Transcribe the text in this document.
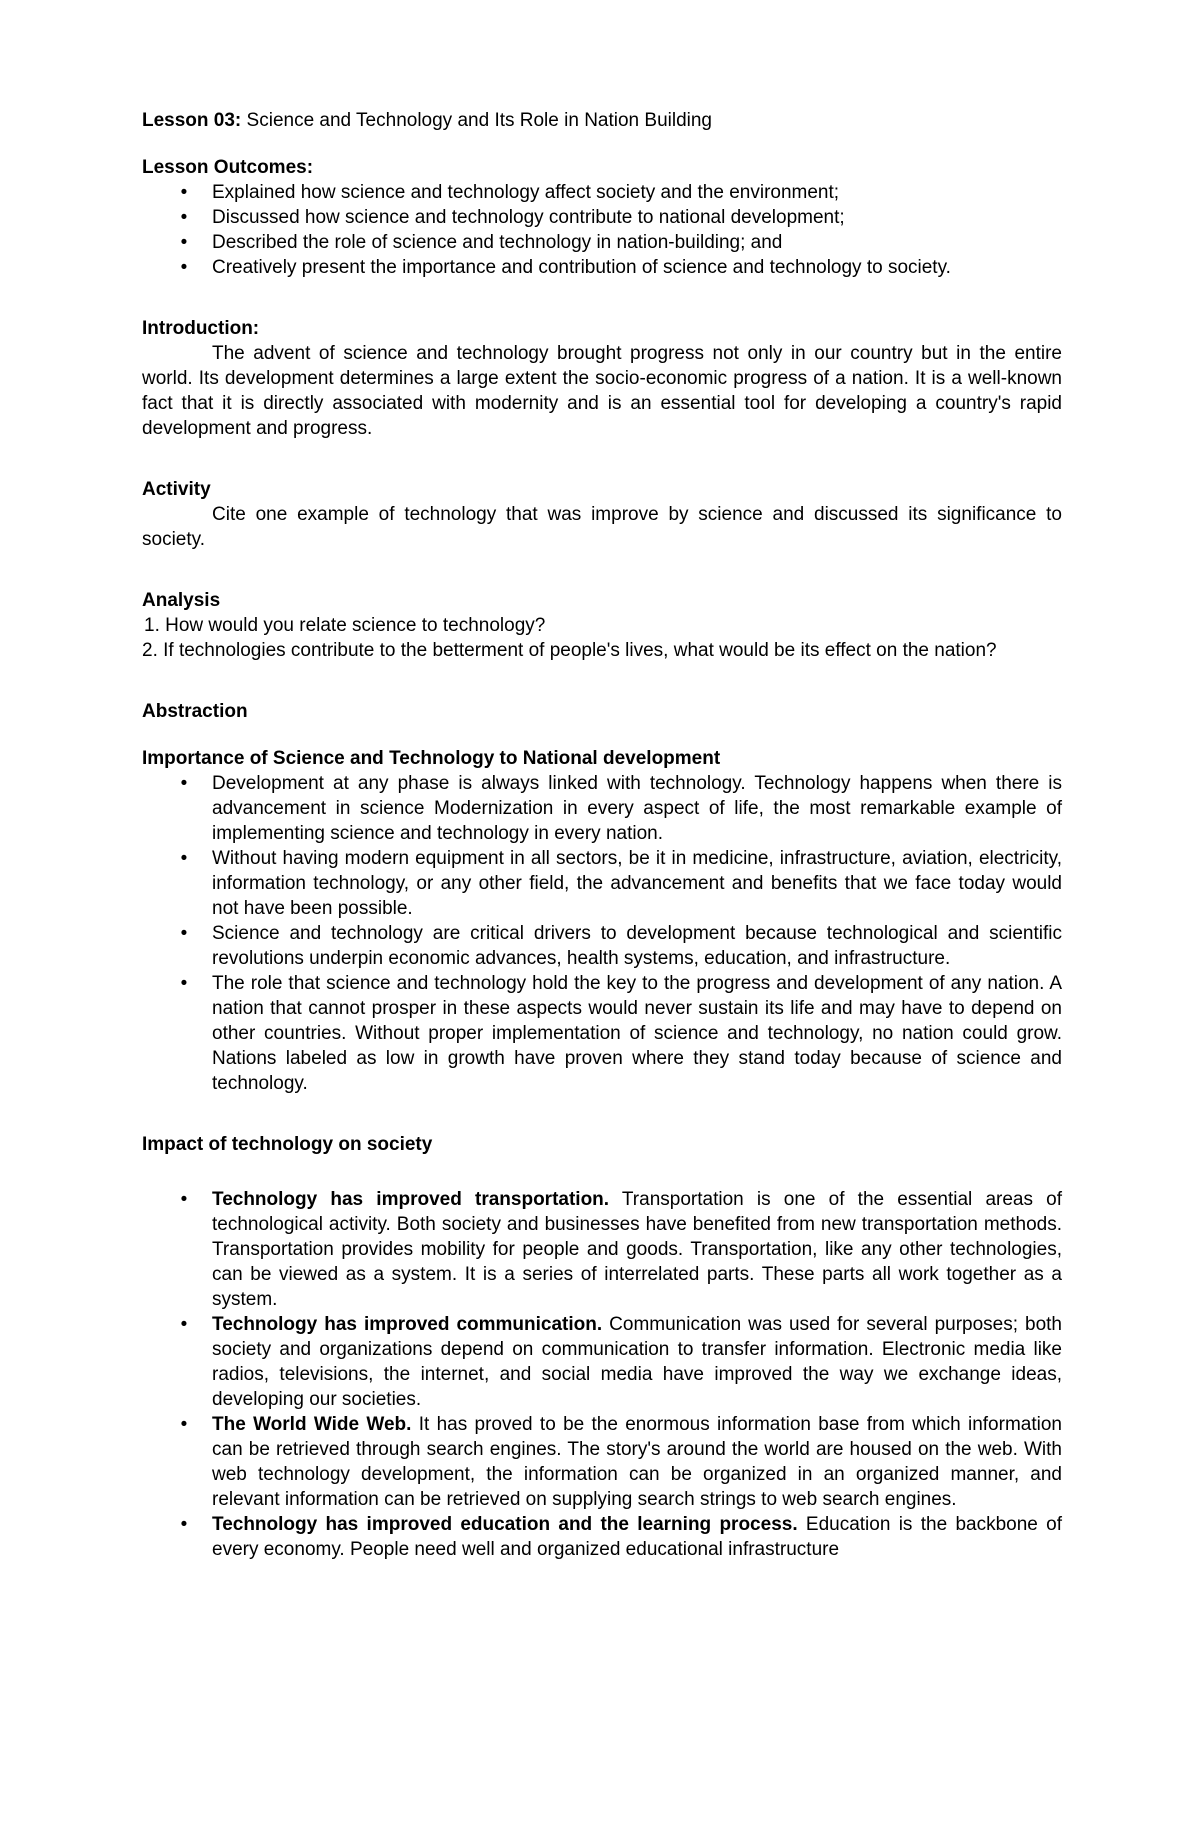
Lesson 03: Science and Technology and Its Role in Nation Building

Lesson Outcomes:

•	Explained how science and technology affect society and the environment;
•	Discussed how science and technology contribute to national development;
•	Described the role of science and technology in nation-building; and
•	Creatively present the importance and contribution of science and technology to society.

Introduction:

The advent of science and technology brought progress not only in our country but in the entire world. Its development determines a large extent the socio-economic progress of a nation. It is a well-known fact that it is directly associated with modernity and is an essential tool for developing a country's rapid development and progress.

Activity

Cite one example of technology that was improve by science and discussed its significance to society.

Analysis

1. How would you relate science to technology?

2. If technologies contribute to the betterment of people's lives, what would be its effect on the nation?

Abstraction

Importance of Science and Technology to National development

•	Development at any phase is always linked with technology. Technology happens when there is advancement in science Modernization in every aspect of life, the most remarkable example of implementing science and technology in every nation.
•	Without having modern equipment in all sectors, be it in medicine, infrastructure, aviation, electricity, information technology, or any other field, the advancement and benefits that we face today would not have been possible.
•	Science and technology are critical drivers to development because technological and scientific revolutions underpin economic advances, health systems, education, and infrastructure.
•	The role that science and technology hold the key to the progress and development of any nation. A nation that cannot prosper in these aspects would never sustain its life and may have to depend on other countries. Without proper implementation of science and technology, no nation could grow. Nations labeled as low in growth have proven where they stand today because of science and technology.

Impact of technology on society

•	Technology has improved transportation. Transportation is one of the essential areas of technological activity. Both society and businesses have benefited from new transportation methods. Transportation provides mobility for people and goods. Transportation, like any other technologies, can be viewed as a system. It is a series of interrelated parts. These parts all work together as a system.
•	Technology has improved communication. Communication was used for several purposes; both society and organizations depend on communication to transfer information. Electronic media like radios, televisions, the internet, and social media have improved the way we exchange ideas, developing our societies.
•	The World Wide Web. It has proved to be the enormous information base from which information can be retrieved through search engines. The story's around the world are housed on the web. With web technology development, the information can be organized in an organized manner, and relevant information can be retrieved on supplying search strings to web search engines.
•	Technology has improved education and the learning process. Education is the backbone of every economy. People need well and organized educational infrastructure
